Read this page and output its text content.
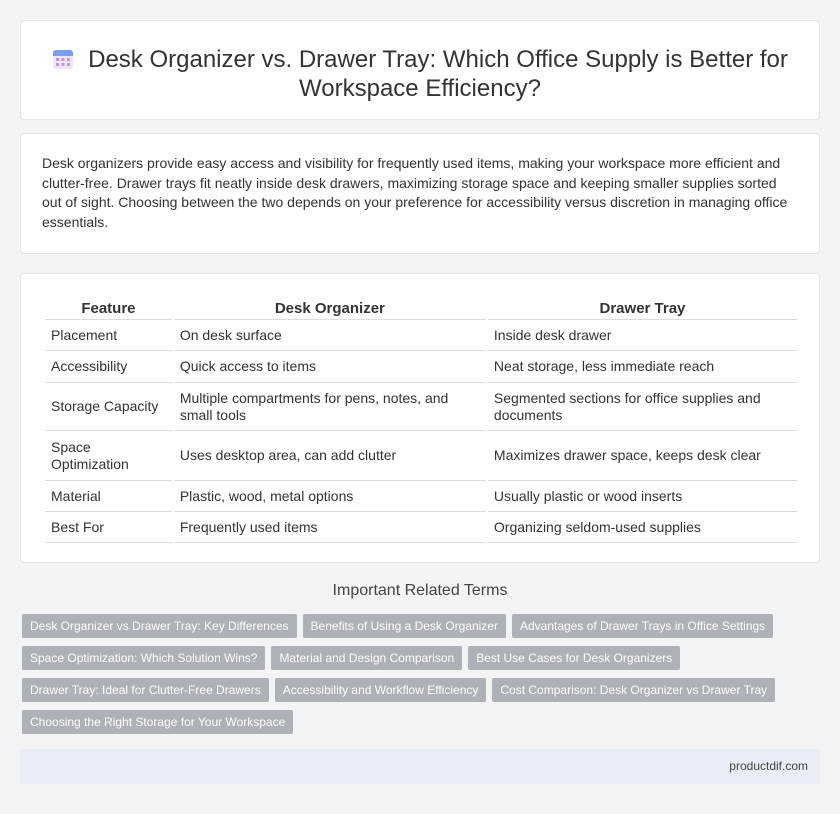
Desk Organizer vs. Drawer Tray: Which Office Supply is Better for Workspace Efficiency?

Desk organizers provide easy access and visibility for frequently used items, making your workspace more efficient and clutter-free. Drawer trays fit neatly inside desk drawers, maximizing storage space and keeping smaller supplies sorted out of sight. Choosing between the two depends on your preference for accessibility versus discretion in managing office essentials.

Feature	Desk Organizer	Drawer Tray
Placement	On desk surface	Inside desk drawer
Accessibility	Quick access to items	Neat storage, less immediate reach
Storage Capacity	Multiple compartments for pens, notes, and small tools	Segmented sections for office supplies and documents
Space Optimization	Uses desktop area, can add clutter	Maximizes drawer space, keeps desk clear
Material	Plastic, wood, metal options	Usually plastic or wood inserts
Best For	Frequently used items	Organizing seldom-used supplies
Important Related Terms
Desk Organizer vs Drawer Tray: Key Differences	Benefits of Using a Desk Organizer	Advantages of Drawer Trays in Office Settings
Space Optimization: Which Solution Wins?	Material and Design Comparison	Best Use Cases for Desk Organizers
Drawer Tray: Ideal for Clutter-Free Drawers	Accessibility and Workflow Efficiency	Cost Comparison: Desk Organizer vs Drawer Tray
Choosing the Right Storage for Your Workspace
productdif.com
